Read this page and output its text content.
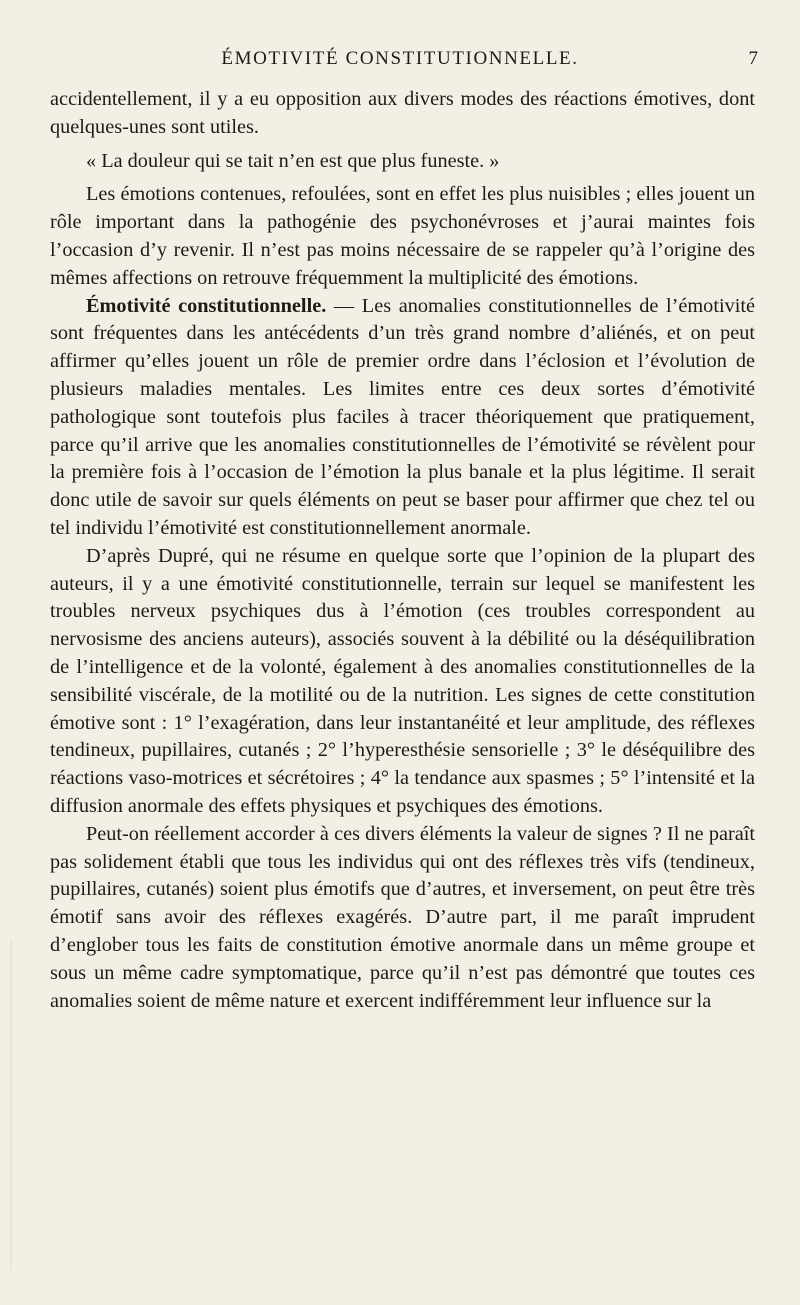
ÉMOTIVITÉ CONSTITUTIONNELLE.	7

accidentellement, il y a eu opposition aux divers modes des réactions émotives, dont quelques-unes sont utiles.

« La douleur qui se tait n’en est que plus funeste. »

Les émotions contenues, refoulées, sont en effet les plus nuisibles ; elles jouent un rôle important dans la pathogénie des psychonévroses et j’aurai maintes fois l’occasion d’y revenir. Il n’est pas moins nécessaire de se rappeler qu’à l’origine des mêmes affections on retrouve fréquemment la multiplicité des émotions.

Émotivité constitutionnelle. — Les anomalies constitutionnelles de l’émotivité sont fréquentes dans les antécédents d’un très grand nombre d’aliénés, et on peut affirmer qu’elles jouent un rôle de premier ordre dans l’éclosion et l’évolution de plusieurs maladies mentales. Les limites entre ces deux sortes d’émotivité pathologique sont toutefois plus faciles à tracer théoriquement que pratiquement, parce qu’il arrive que les anomalies constitutionnelles de l’émotivité se révèlent pour la première fois à l’occasion de l’émotion la plus banale et la plus légitime. Il serait donc utile de savoir sur quels éléments on peut se baser pour affirmer que chez tel ou tel individu l’émotivité est constitutionnellement anormale.

D’après Dupré, qui ne résume en quelque sorte que l’opinion de la plupart des auteurs, il y a une émotivité constitutionnelle, terrain sur lequel se manifestent les troubles nerveux psychiques dus à l’émotion (ces troubles correspondent au nervosisme des anciens auteurs), associés souvent à la débilité ou la déséquilibration de l’intelligence et de la volonté, également à des anomalies constitutionnelles de la sensibilité viscérale, de la motilité ou de la nutrition. Les signes de cette constitution émotive sont : 1° l’exagération, dans leur instantanéité et leur amplitude, des réflexes tendineux, pupillaires, cutanés ; 2° l’hyperesthésie sensorielle ; 3° le déséquilibre des réactions vaso-motrices et sécrétoires ; 4° la tendance aux spasmes ; 5° l’intensité et la diffusion anormale des effets physiques et psychiques des émotions.

Peut-on réellement accorder à ces divers éléments la valeur de signes ? Il ne paraît pas solidement établi que tous les individus qui ont des réflexes très vifs (tendineux, pupillaires, cutanés) soient plus émotifs que d’autres, et inversement, on peut être très émotif sans avoir des réflexes exagérés. D’autre part, il me paraît imprudent d’englober tous les faits de constitution émotive anormale dans un même groupe et sous un même cadre symptomatique, parce qu’il n’est pas démontré que toutes ces anomalies soient de même nature et exercent indifféremment leur influence sur la
